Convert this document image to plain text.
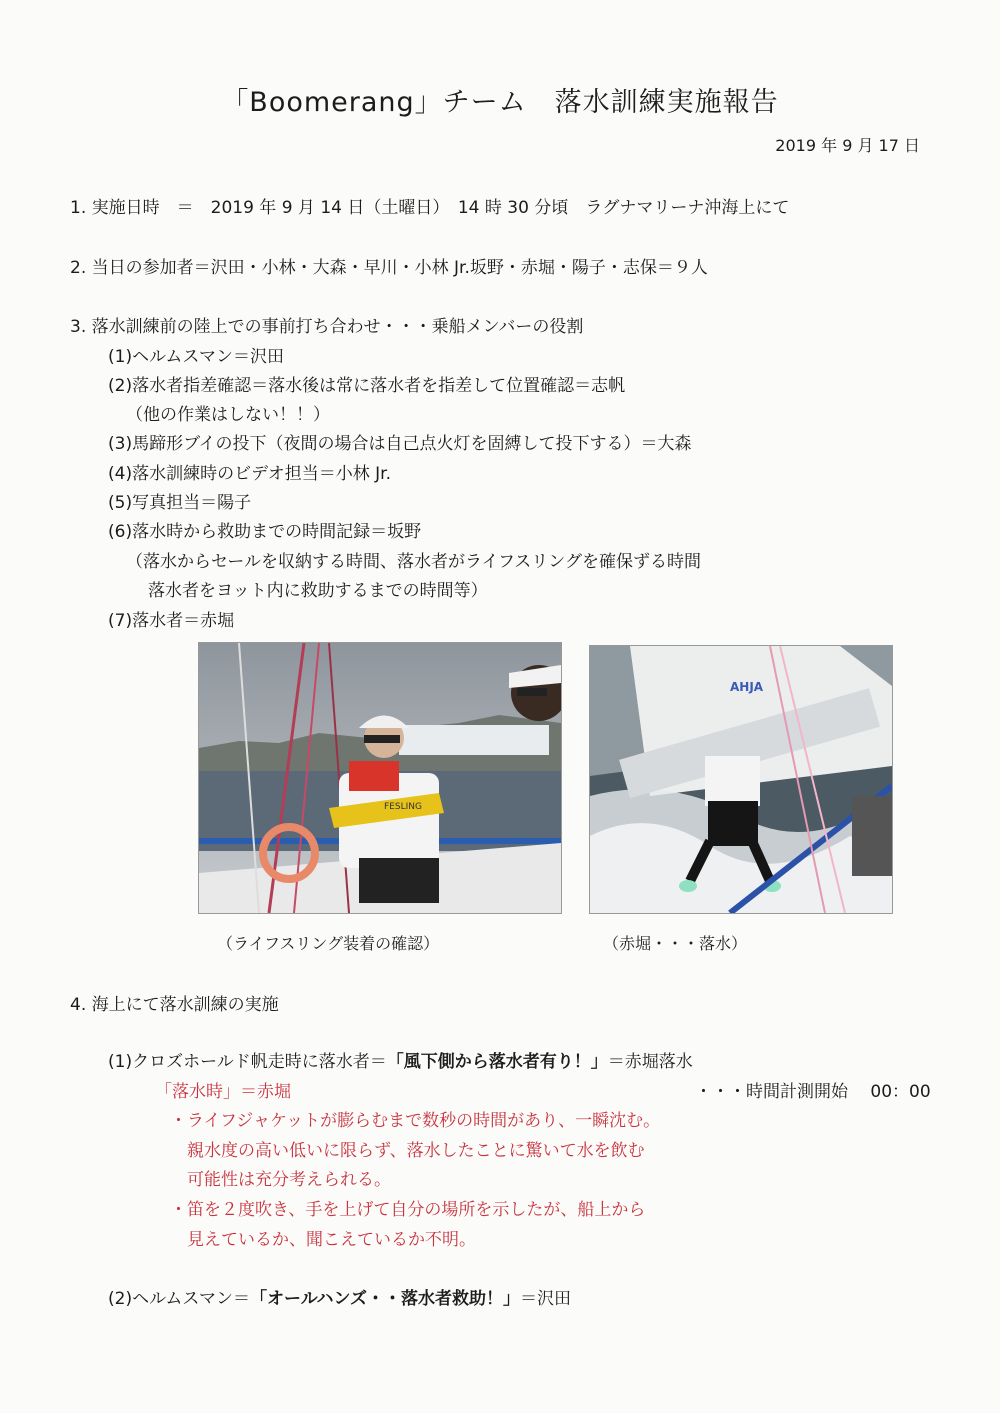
「Boomerang」チーム　落水訓練実施報告
2019 年 9 月 17 日
1. 実施日時　＝　2019 年 9 月 14 日（土曜日）　14 時 30 分頃　ラグナマリーナ沖海上にて
2. 当日の参加者＝沢田・小林・大森・早川・小林 Jr.坂野・赤堀・陽子・志保＝９人
3. 落水訓練前の陸上での事前打ち合わせ・・・乗船メンバーの役割
(1)ヘルムスマン＝沢田
(2)落水者指差確認＝落水後は常に落水者を指差して位置確認＝志帆
（他の作業はしない！！）
(3)馬蹄形ブイの投下（夜間の場合は自己点火灯を固縛して投下する）＝大森
(4)落水訓練時のビデオ担当＝小林 Jr.
(5)写真担当＝陽子
(6)落水時から救助までの時間記録＝坂野
（落水からセールを収納する時間、落水者がライフスリングを確保ずる時間
落水者をヨット内に救助するまでの時間等）
(7)落水者＝赤堀
FESLING
AHJA
（ライフスリング装着の確認）	（赤堀・・・落水）
4. 海上にて落水訓練の実施
(1)クロズホールド帆走時に落水者＝「風下側から落水者有り！」＝赤堀落水
「落水時」＝赤堀	・・・時間計測開始　 00：00
・ライフジャケットが膨らむまで数秒の時間があり、一瞬沈む。
親水度の高い低いに限らず、落水したことに驚いて水を飲む
可能性は充分考えられる。
・笛を２度吹き、手を上げて自分の場所を示したが、船上から
見えているか、聞こえているか不明。
(2)ヘルムスマン＝「オールハンズ・・落水者救助！」＝沢田
